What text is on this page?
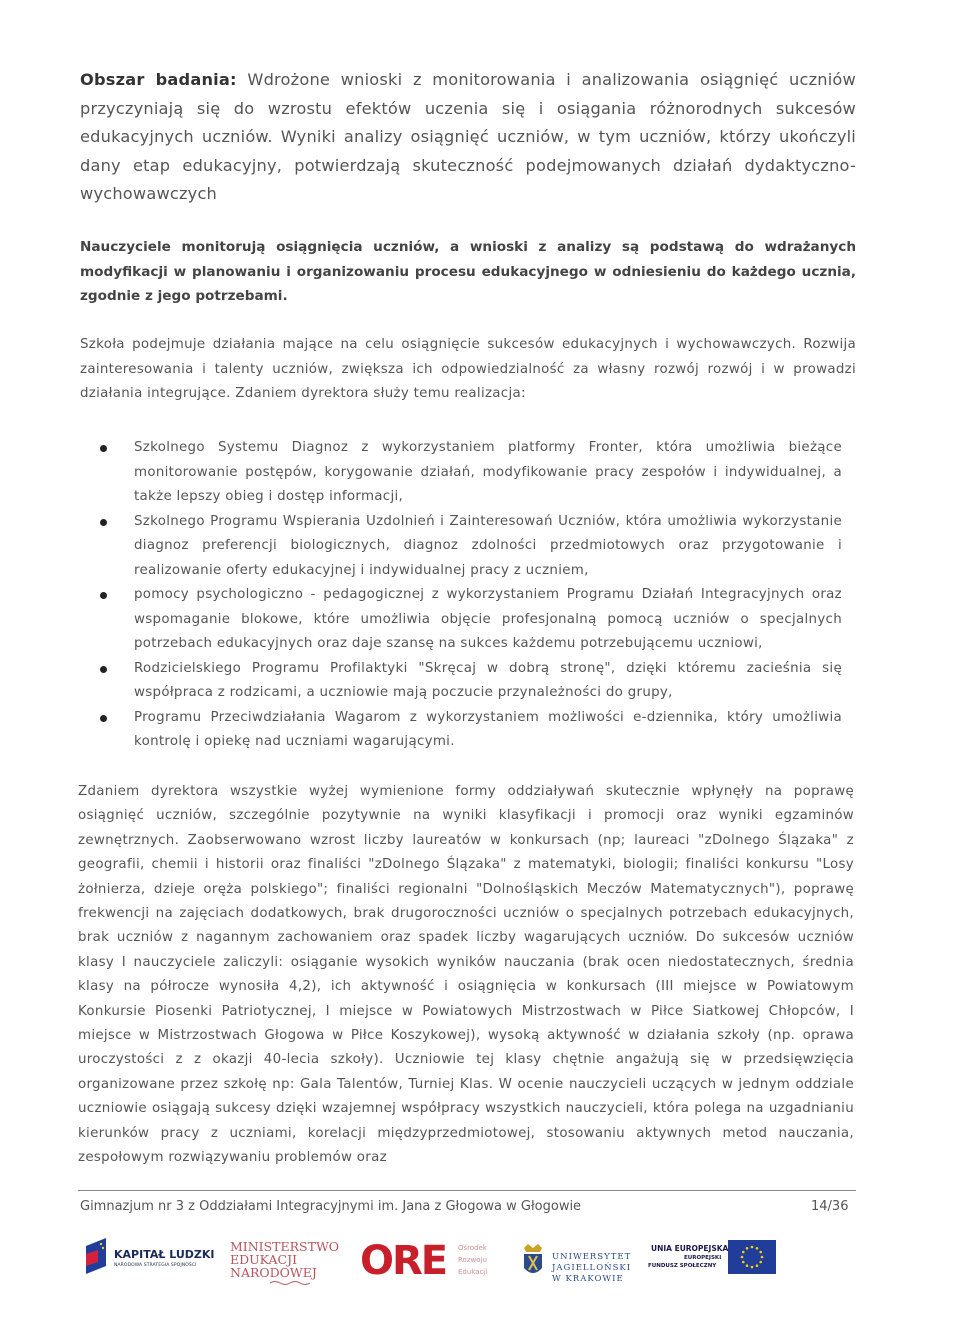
Obszar badania: Wdrożone wnioski z monitorowania i analizowania osiągnięć uczniów przyczyniają się do wzrostu efektów uczenia się i osiągania różnorodnych sukcesów edukacyjnych uczniów. Wyniki analizy osiągnięć uczniów, w tym uczniów, którzy ukończyli dany etap edukacyjny, potwierdzają skuteczność podejmowanych działań dydaktyczno-wychowawczych

Nauczyciele monitorują osiągnięcia uczniów, a wnioski z analizy są podstawą do wdrażanych modyfikacji w planowaniu i organizowaniu procesu edukacyjnego w odniesieniu do każdego ucznia, zgodnie z jego potrzebami.

Szkoła podejmuje działania mające na celu osiągnięcie sukcesów edukacyjnych i wychowawczych. Rozwija zainteresowania i talenty uczniów, zwiększa ich odpowiedzialność za własny rozwój rozwój i w prowadzi działania integrujące. Zdaniem dyrektora służy temu realizacja:

Szkolnego Systemu Diagnoz z wykorzystaniem platformy Fronter, która umożliwia bieżące monitorowanie postępów, korygowanie działań, modyfikowanie pracy zespołów i indywidualnej, a także lepszy obieg i dostęp informacji,
Szkolnego Programu Wspierania Uzdolnień i Zainteresowań Uczniów, która umożliwia wykorzystanie diagnoz preferencji biologicznych, diagnoz zdolności przedmiotowych oraz przygotowanie i realizowanie oferty edukacyjnej i indywidualnej pracy z uczniem,
pomocy psychologiczno - pedagogicznej z wykorzystaniem Programu Działań Integracyjnych oraz wspomaganie blokowe, które umożliwia objęcie profesjonalną pomocą uczniów o specjalnych potrzebach edukacyjnych oraz daje szansę na sukces każdemu potrzebującemu uczniowi,
Rodzicielskiego Programu Profilaktyki "Skręcaj w dobrą stronę", dzięki któremu zacieśnia się współpraca z rodzicami, a uczniowie mają poczucie przynależności do grupy,
Programu Przeciwdziałania Wagarom z wykorzystaniem możliwości e-dziennika, który umożliwia kontrolę i opiekę nad uczniami wagarującymi.

Zdaniem dyrektora wszystkie wyżej wymienione formy oddziaływań skutecznie wpłynęły na poprawę osiągnięć uczniów, szczególnie pozytywnie na wyniki klasyfikacji i promocji oraz wyniki egzaminów zewnętrznych. Zaobserwowano wzrost liczby laureatów w konkursach (np; laureaci "zDolnego Ślązaka" z geografii, chemii i historii oraz finaliści "zDolnego Ślązaka" z matematyki, biologii; finaliści konkursu "Losy żołnierza, dzieje oręża polskiego"; finaliści regionalni "Dolnośląskich Meczów Matematycznych"), poprawę frekwencji na zajęciach dodatkowych, brak drugoroczności uczniów o specjalnych potrzebach edukacyjnych, brak uczniów z nagannym zachowaniem oraz spadek liczby wagarujących uczniów. Do sukcesów uczniów klasy I nauczyciele zaliczyli: osiąganie wysokich wyników nauczania (brak ocen niedostatecznych, średnia klasy na półrocze wynosiła 4,2), ich aktywność i osiągnięcia w konkursach (III miejsce w Powiatowym Konkursie Piosenki Patriotycznej, I miejsce w Powiatowych Mistrzostwach w Piłce Siatkowej Chłopców, I miejsce w Mistrzostwach Głogowa w Piłce Koszykowej), wysoką aktywność w działania szkoły (np. oprawa uroczystości z z okazji 40-lecia szkoły). Uczniowie tej klasy chętnie angażują się w przedsięwzięcia organizowane przez szkołę np: Gala Talentów, Turniej Klas. W ocenie nauczycieli uczących w jednym oddziale uczniowie osiągają sukcesy dzięki wzajemnej współpracy wszystkich nauczycieli, która polega na uzgadnianiu kierunków pracy z uczniami, korelacji międzyprzedmiotowej, stosowaniu aktywnych metod nauczania, zespołowym rozwiązywaniu problemów oraz

Gimnazjum nr 3 z Oddziałami Integracyjnymi im. Jana z Głogowa w Głogowie	14/36
KAPITAŁ LUDZKI
NARODOWA STRATEGIA SPÓJNOŚCI
MINISTERSTWO
EDUKACJI
NARODOWEJ	ORE Ośrodek
Rozwoju
Edukacji
UNIWERSYTET
JAGIELLOŃSKI
W KRAKOWIE
UNIA EUROPEJSKA
EUROPEJSKI
FUNDUSZ SPOŁECZNY
